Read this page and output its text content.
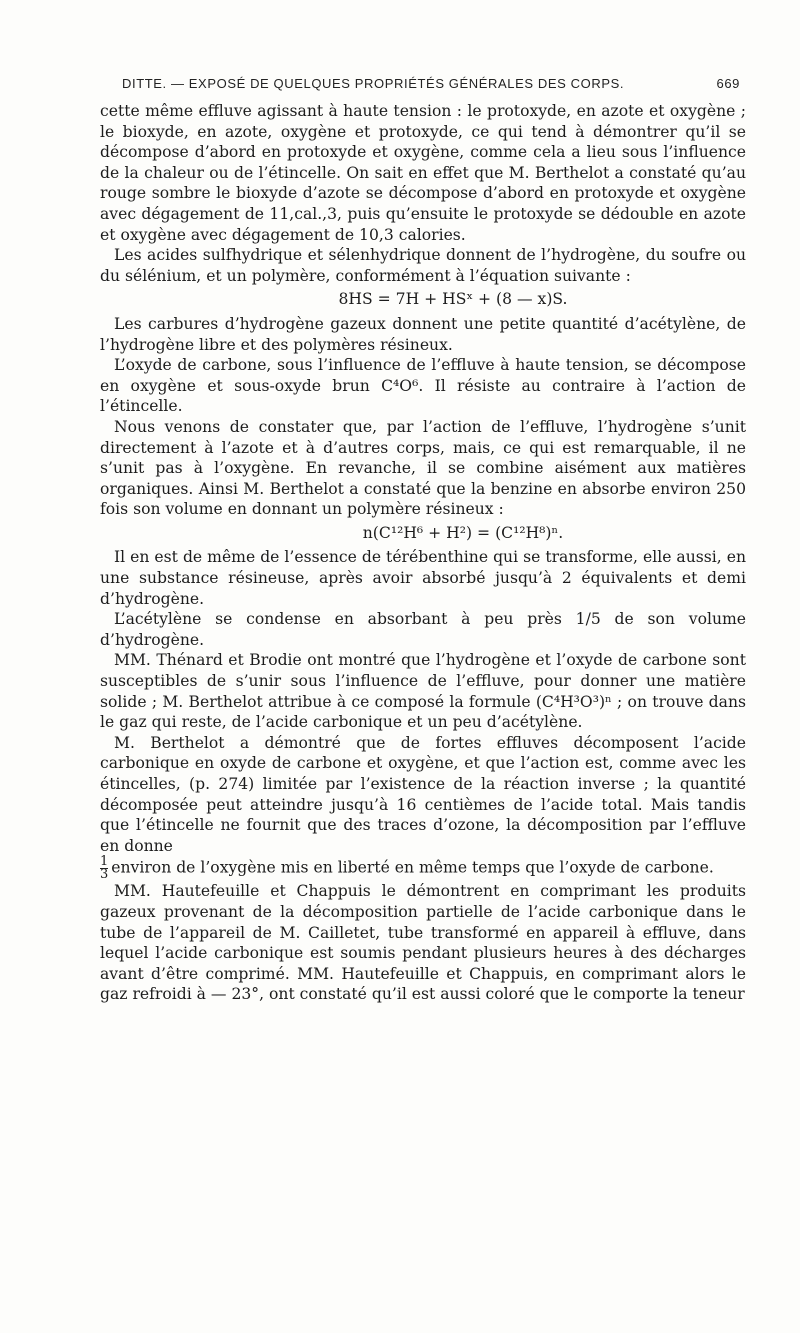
DITTE. — EXPOSÉ DE QUELQUES PROPRIÉTÉS GÉNÉRALES DES CORPS.	669

cette même effluve agissant à haute tension : le protoxyde, en azote et oxygène ; le bioxyde, en azote, oxygène et protoxyde, ce qui tend à démontrer qu’il se décompose d’abord en protoxyde et oxygène, comme cela a lieu sous l’influence de la chaleur ou de l’étincelle. On sait en effet que M. Berthelot a constaté qu’au rouge sombre le bioxyde d’azote se décompose d’abord en protoxyde et oxygène avec dégagement de 11,cal.,3, puis qu’ensuite le protoxyde se dédouble en azote et oxygène avec dégagement de 10,3 calories.

Les acides sulfhydrique et sélenhydrique donnent de l’hydrogène, du soufre ou du sélénium, et un polymère, conformément à l’équation suivante :

8HS = 7H + HSˣ + (8 — x)S.

Les carbures d’hydrogène gazeux donnent une petite quantité d’acétylène, de l’hydrogène libre et des polymères résineux.

L’oxyde de carbone, sous l’influence de l’effluve à haute tension, se décompose en oxygène et sous-oxyde brun C⁴O⁶. Il résiste au contraire à l’action de l’étincelle.

Nous venons de constater que, par l’action de l’effluve, l’hydrogène s’unit directement à l’azote et à d’autres corps, mais, ce qui est remarquable, il ne s’unit pas à l’oxygène. En revanche, il se combine aisément aux matières organiques. Ainsi M. Berthelot a constaté que la benzine en absorbe environ 250 fois son volume en donnant un polymère résineux :

n(C¹²H⁶ + H²) = (C¹²H⁸)ⁿ.

Il en est de même de l’essence de térébenthine qui se transforme, elle aussi, en une substance résineuse, après avoir absorbé jusqu’à 2 équivalents et demi d’hydrogène.

L’acétylène se condense en absorbant à peu près 1/5 de son volume d’hydrogène.

MM. Thénard et Brodie ont montré que l’hydrogène et l’oxyde de carbone sont susceptibles de s’unir sous l’influence de l’effluve, pour donner une matière solide ; M. Berthelot attribue à ce composé la formule (C⁴H³O³)ⁿ ; on trouve dans le gaz qui reste, de l’acide carbonique et un peu d’acétylène.

M. Berthelot a démontré que de fortes effluves décomposent l’acide carbonique en oxyde de carbone et oxygène, et que l’action est, comme avec les étincelles, (p. 274) limitée par l’existence de la réaction inverse ; la quantité décomposée peut atteindre jusqu’à 16 centièmes de l’acide total. Mais tandis que l’étincelle ne fournit que des traces d’ozone, la décomposition par l’effluve en donne

$\frac{1}{3}$ environ de l’oxygène mis en liberté en même temps que l’oxyde de carbone.

MM. Hautefeuille et Chappuis le démontrent en comprimant les produits gazeux provenant de la décomposition partielle de l’acide carbonique dans le tube de l’appareil de M. Cailletet, tube transformé en appareil à effluve, dans lequel l’acide carbonique est soumis pendant plusieurs heures à des décharges avant d’être comprimé. MM. Hautefeuille et Chappuis, en comprimant alors le gaz refroidi à — 23°, ont constaté qu’il est aussi coloré que le comporte la teneur
